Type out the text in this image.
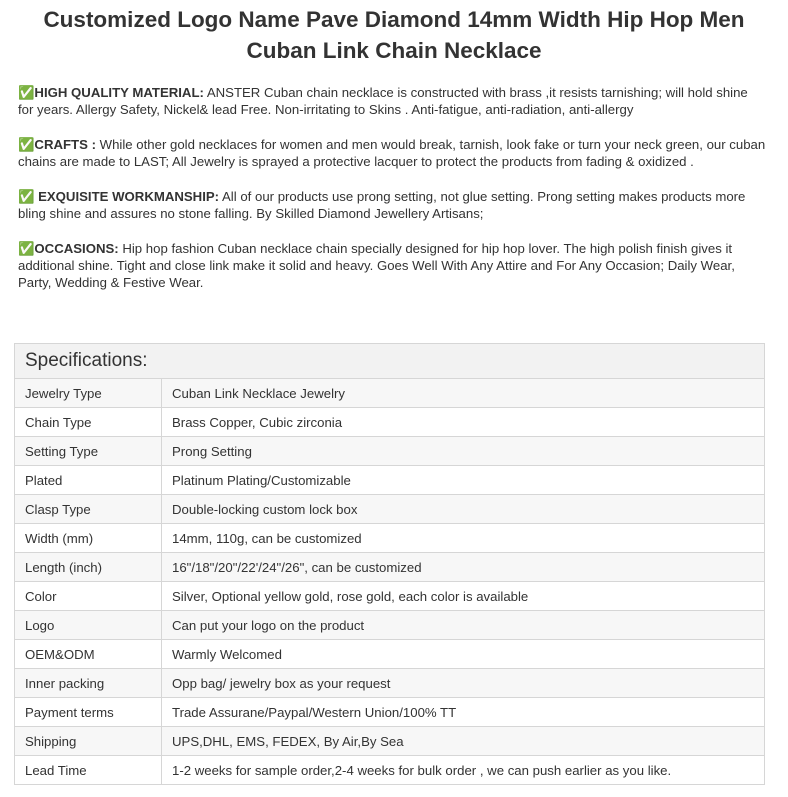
Customized Logo Name Pave Diamond 14mm Width Hip Hop Men Cuban Link Chain Necklace
✅HIGH QUALITY MATERIAL: ANSTER Cuban chain necklace is constructed with brass ,it resists tarnishing; will hold shine for years. Allergy Safety, Nickel& lead Free. Non-irritating to Skins . Anti-fatigue, anti-radiation, anti-allergy
✅CRAFTS : While other gold necklaces for women and men would break, tarnish, look fake or turn your neck green, our cuban chains are made to LAST; All Jewelry is sprayed a protective lacquer to protect the products from fading & oxidized .
✅ EXQUISITE WORKMANSHIP: All of our products use prong setting, not glue setting. Prong setting makes products more bling shine and assures no stone falling. By Skilled Diamond Jewellery Artisans;
✅OCCASIONS: Hip hop fashion Cuban necklace chain specially designed for hip hop lover. The high polish finish gives it additional shine. Tight and close link make it solid and heavy. Goes Well With Any Attire and For Any Occasion; Daily Wear, Party, Wedding & Festive Wear.
Specifications:
Jewelry Type	Cuban Link Necklace Jewelry
Chain Type	Brass Copper, Cubic zirconia
Setting Type	Prong Setting
Plated	Platinum Plating/Customizable
Clasp Type	Double-locking custom lock box
Width (mm)	14mm, 110g, can be customized
Length (inch)	16"/18"/20"/22'/24"/26", can be customized
Color	Silver, Optional yellow gold, rose gold, each color is available
Logo	Can put your logo on the product
OEM&ODM	Warmly Welcomed
Inner packing	Opp bag/ jewelry box as your request
Payment terms	Trade Assurane/Paypal/Western Union/100% TT
Shipping	UPS,DHL, EMS, FEDEX, By Air,By Sea
Lead Time	1-2 weeks for sample order,2-4 weeks for bulk order , we can push earlier as you like.
